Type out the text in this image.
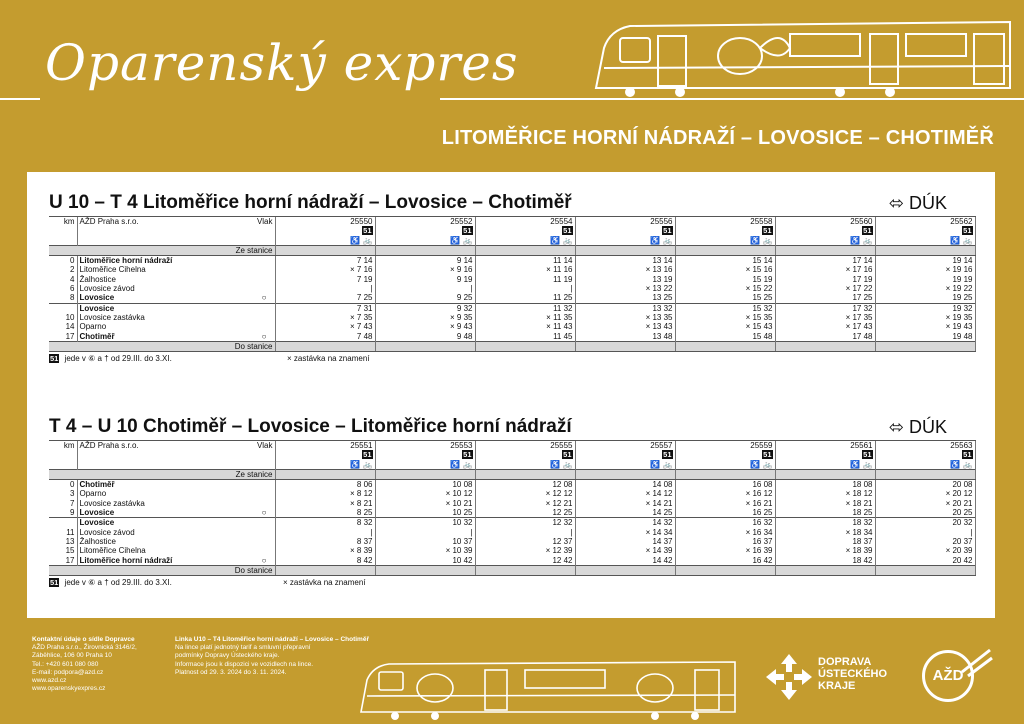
Oparenský expres
LITOMĚŘICE HORNÍ NÁDRAŽÍ – LOVOSICE – CHOTIMĚŘ
U 10 – T 4 Litoměřice horní nádraží – Lovosice – Chotiměř	⬄ DÚK
km	AŽD Praha s.r.o. Vlak	25550	25552	25554	25556	25558	25560	25562	
		51	51	51	51	51	51	51	
		♿ 🚲	♿ 🚲	♿ 🚲	♿ 🚲	♿ 🚲	♿ 🚲	♿ 🚲	
Ze stanice									
0	Litoměřice horní nádraží	7 14	9 14	11 14	13 14	15 14	17 14	19 14	
2	Litoměřice Cihelna	× 7 16	× 9 16	× 11 16	× 13 16	× 15 16	× 17 16	× 19 16	
4	Žalhostice	7 19	9 19	11 19	13 19	15 19	17 19	19 19	
6	Lovosice závod	|	|	|	× 13 22	× 15 22	× 17 22	× 19 22	
8	Lovosice ○	7 25	9 25	11 25	13 25	15 25	17 25	19 25	
	Lovosice	7 31	9 32	11 32	13 32	15 32	17 32	19 32	
10	Lovosice zastávka	× 7 35	× 9 35	× 11 35	× 13 35	× 15 35	× 17 35	× 19 35	
14	Oparno	× 7 43	× 9 43	× 11 43	× 13 43	× 15 43	× 17 43	× 19 43	
17	Chotiměř ○	7 48	9 48	11 45	13 48	15 48	17 48	19 48	
Do stanice									
51 jede v ⑥ a † od 29.III. do 3.XI.	× zastávka na znamení
T 4 – U 10 Chotiměř – Lovosice – Litoměřice horní nádraží	⬄ DÚK
km	AŽD Praha s.r.o. Vlak	25551	25553	25555	25557	25559	25561	25563	
		51	51	51	51	51	51	51	
		♿ 🚲	♿ 🚲	♿ 🚲	♿ 🚲	♿ 🚲	♿ 🚲	♿ 🚲	
Ze stanice									
0	Chotiměř	8 06	10 08	12 08	14 08	16 08	18 08	20 08	
3	Oparno	× 8 12	× 10 12	× 12 12	× 14 12	× 16 12	× 18 12	× 20 12	
7	Lovosice zastávka	× 8 21	× 10 21	× 12 21	× 14 21	× 16 21	× 18 21	× 20 21	
9	Lovosice ○	8 25	10 25	12 25	14 25	16 25	18 25	20 25	
	Lovosice	8 32	10 32	12 32	14 32	16 32	18 32	20 32	
11	Lovosice závod	|	|	|	× 14 34	× 16 34	× 18 34	|	
13	Žalhostice	8 37	10 37	12 37	14 37	16 37	18 37	20 37	
15	Litoměřice Cihelna	× 8 39	× 10 39	× 12 39	× 14 39	× 16 39	× 18 39	× 20 39	
17	Litoměřice horní nádraží ○	8 42	10 42	12 42	14 42	16 42	18 42	20 42	
Do stanice									
51 jede v ⑥ a † od 29.III. do 3.XI.	× zastávka na znamení
Kontaktní údaje o sídle Dopravce
AŽD Praha s.r.o., Žirovnická 3146/2,
Záběhlice, 106 00 Praha 10
Tel.: +420 601 080 080
E-mail: podpora@azd.cz
www.azd.cz
www.oparenskyexpres.cz
Linka U10 – T4 Litoměřice horní nádraží – Lovosice – Chotiměř
Na lince platí jednotný tarif a smluvní přepravní
podmínky Dopravy Ústeckého kraje.
Informace jsou k dispozici ve vozidlech na lince.
Platnost od 29. 3. 2024 do 3. 11. 2024.
DOPRAVA
ÚSTECKÉHO
KRAJE
AŽD
